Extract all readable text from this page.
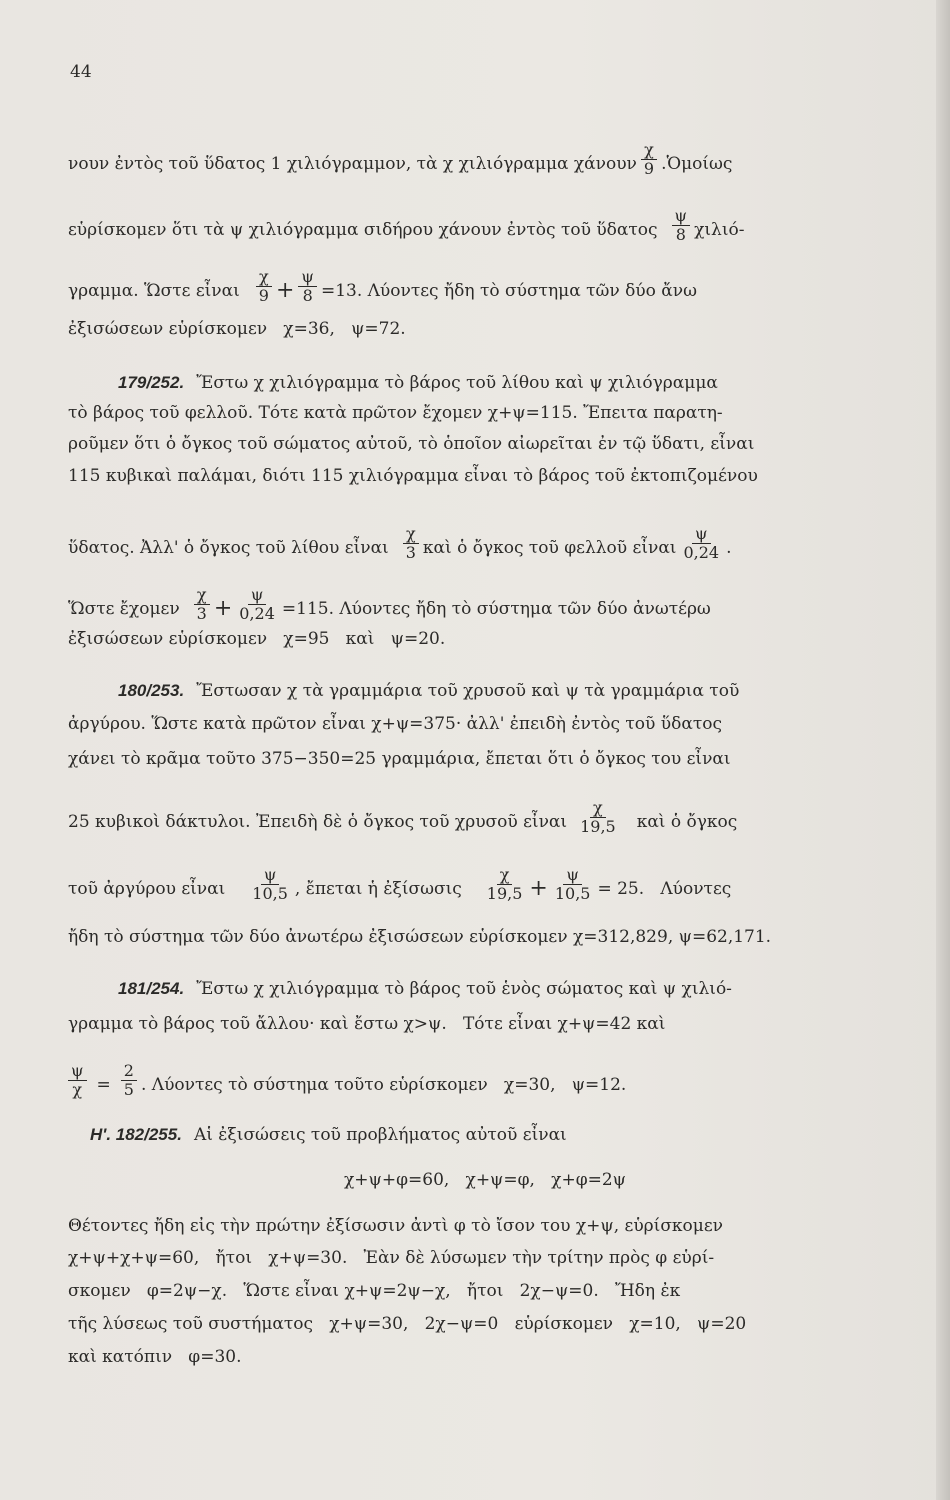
44
νουν ἐντὸς τοῦ ὕδατος 1 χιλιόγραμμον, τὰ χ χιλιόγραμμα χάνουν $\frac{\chi}{9}$ .Ὁμοίως
εὑρίσκομεν ὅτι τὰ ψ χιλιόγραμμα σιδήρου χάνουν ἐντὸς τοῦ ὕδατος $\frac{\psi}{8} \chi\iota\lambda\iota ό-$
γραμμα. Ὥστε εἶναι $\frac{\chi}{9} + \frac{\psi}{8} =13$. Λύοντες ἤδη τὸ σύστημα τῶν δύο ἄνω
ἐξισώσεων εὑρίσκομεν   χ=36,   ψ=72.
179/252. Ἔστω χ χιλιόγραμμα τὸ βάρος τοῦ λίθου καὶ ψ χιλιόγραμμα
τὸ βάρος τοῦ φελλοῦ. Τότε κατὰ πρῶτον ἔχομεν χ+ψ=115. Ἔπειτα παρατη-
ροῦμεν ὅτι ὁ ὄγκος τοῦ σώματος αὐτοῦ, τὸ ὁποῖον αἰωρεῖται ἐν τῷ ὕδατι, εἶναι
115 κυβικαὶ παλάμαι, διότι 115 χιλιόγραμμα εἶναι τὸ βάρος τοῦ ἐκτοπιζομένου
ὕδατος. Ἀλλ' ὁ ὄγκος τοῦ λίθου εἶναι $\frac{\chi}{3}$ καὶ ὁ ὄγκος τοῦ φελλοῦ εἶναι $\frac{\psi}{0,24}$ .
Ὥστε ἔχομεν $\frac{\chi}{3} + \frac{\psi}{0,24} =115$. Λύοντες ἤδη τὸ σύστημα τῶν δύο ἀνωτέρω
ἐξισώσεων εὑρίσκομεν   χ=95   καὶ   ψ=20.
180/253. Ἔστωσαν χ τὰ γραμμάρια τοῦ χρυσοῦ καὶ ψ τὰ γραμμάρια τοῦ
ἀργύρου. Ὥστε κατὰ πρῶτον εἶναι χ+ψ=375· ἀλλ' ἐπειδὴ ἐντὸς τοῦ ὕδατος
χάνει τὸ κρᾶμα τοῦτο 375−350=25 γραμμάρια, ἔπεται ὅτι ὁ ὄγκος του εἶναι
25 κυβικοὶ δάκτυλοι. Ἐπειδὴ δὲ ὁ ὄγκος τοῦ χρυσοῦ εἶναι $\frac{\chi}{19,5}$ καὶ ὁ ὄγκος
τοῦ ἀργύρου εἶναι $\frac{\psi}{10,5}$ , ἔπεται ἡ ἐξίσωσις $\frac{\chi}{19,5} + \frac{\psi}{10,5} = 25$.   Λύοντες
ἤδη τὸ σύστημα τῶν δύο ἀνωτέρω ἐξισώσεων εὑρίσκομεν χ=312,829, ψ=62,171.
181/254. Ἔστω χ χιλιόγραμμα τὸ βάρος τοῦ ἑνὸς σώματος καὶ ψ χιλιό-
γραμμα τὸ βάρος τοῦ ἄλλου· καὶ ἔστω χ>ψ.   Τότε εἶναι χ+ψ=42 καὶ
$\frac{\psi}{\chi} = \frac{2}{5}$ . Λύοντες τὸ σύστημα τοῦτο εὑρίσκομεν   χ=30,   ψ=12.
Η'. 182/255. Αἱ ἐξισώσεις τοῦ προβλήματος αὐτοῦ εἶναι
χ+ψ+φ=60,   χ+ψ=φ,   χ+φ=2ψ
Θέτοντες ἤδη εἰς τὴν πρώτην ἐξίσωσιν ἀντὶ φ τὸ ἴσον του χ+ψ, εὑρίσκομεν
χ+ψ+χ+ψ=60,   ἤτοι   χ+ψ=30.   Ἐὰν δὲ λύσωμεν τὴν τρίτην πρὸς φ εὑρί-
σκομεν   φ=2ψ−χ.   Ὥστε εἶναι χ+ψ=2ψ−χ,   ἤτοι   2χ−ψ=0.   Ἤδη ἐκ
τῆς λύσεως τοῦ συστήματος   χ+ψ=30,   2χ−ψ=0   εὑρίσκομεν   χ=10,   ψ=20
καὶ κατόπιν   φ=30.
